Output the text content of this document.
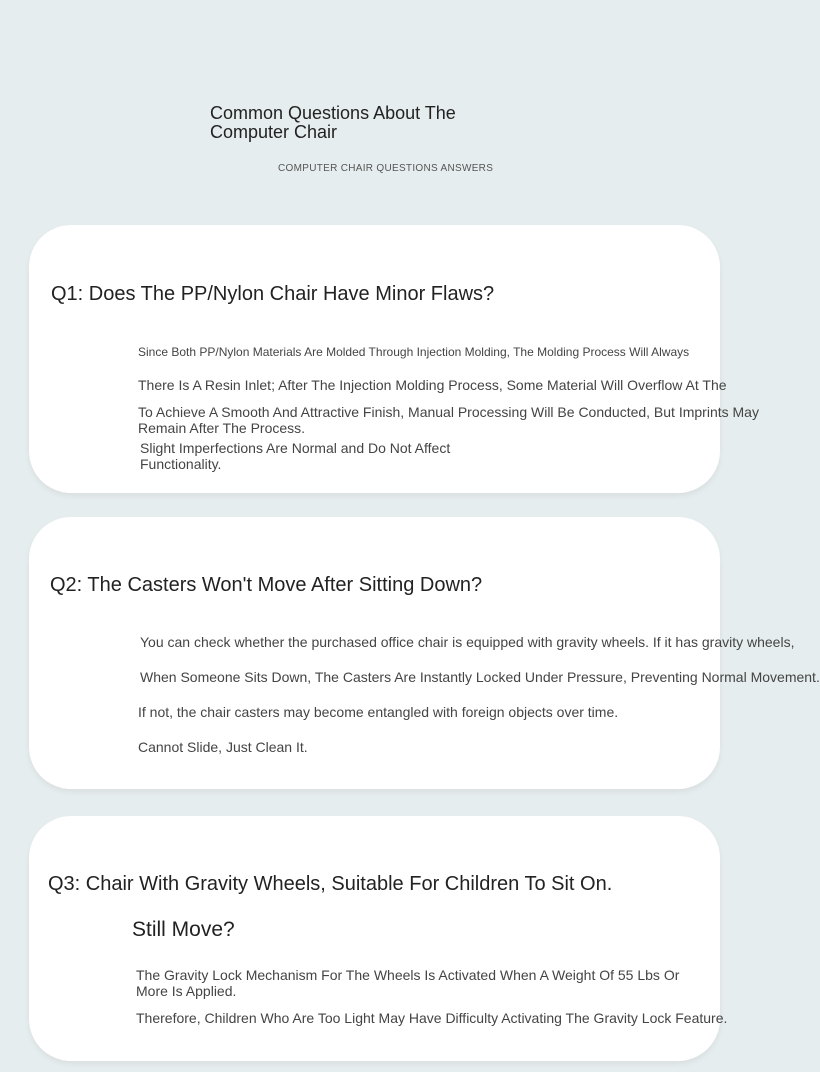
Common Questions About The Computer Chair
COMPUTER CHAIR QUESTIONS ANSWERS
Q1: Does The PP/Nylon Chair Have Minor Flaws?
Since Both PP/Nylon Materials Are Molded Through Injection Molding, The Molding Process Will Always
There Is A Resin Inlet; After The Injection Molding Process, Some Material Will Overflow At The
To Achieve A Smooth And Attractive Finish, Manual Processing Will Be Conducted, But Imprints May Remain After The Process.
Slight Imperfections Are Normal and Do Not Affect Functionality.
Q2: The Casters Won't Move After Sitting Down?
You can check whether the purchased office chair is equipped with gravity wheels. If it has gravity wheels,
When Someone Sits Down, The Casters Are Instantly Locked Under Pressure, Preventing Normal Movement.
If not, the chair casters may become entangled with foreign objects over time.
Cannot Slide, Just Clean It.
Q3: Chair With Gravity Wheels, Suitable For Children To Sit On.
Still Move?
The Gravity Lock Mechanism For The Wheels Is Activated When A Weight Of 55 Lbs Or More Is Applied.
Therefore, Children Who Are Too Light May Have Difficulty Activating The Gravity Lock Feature.
